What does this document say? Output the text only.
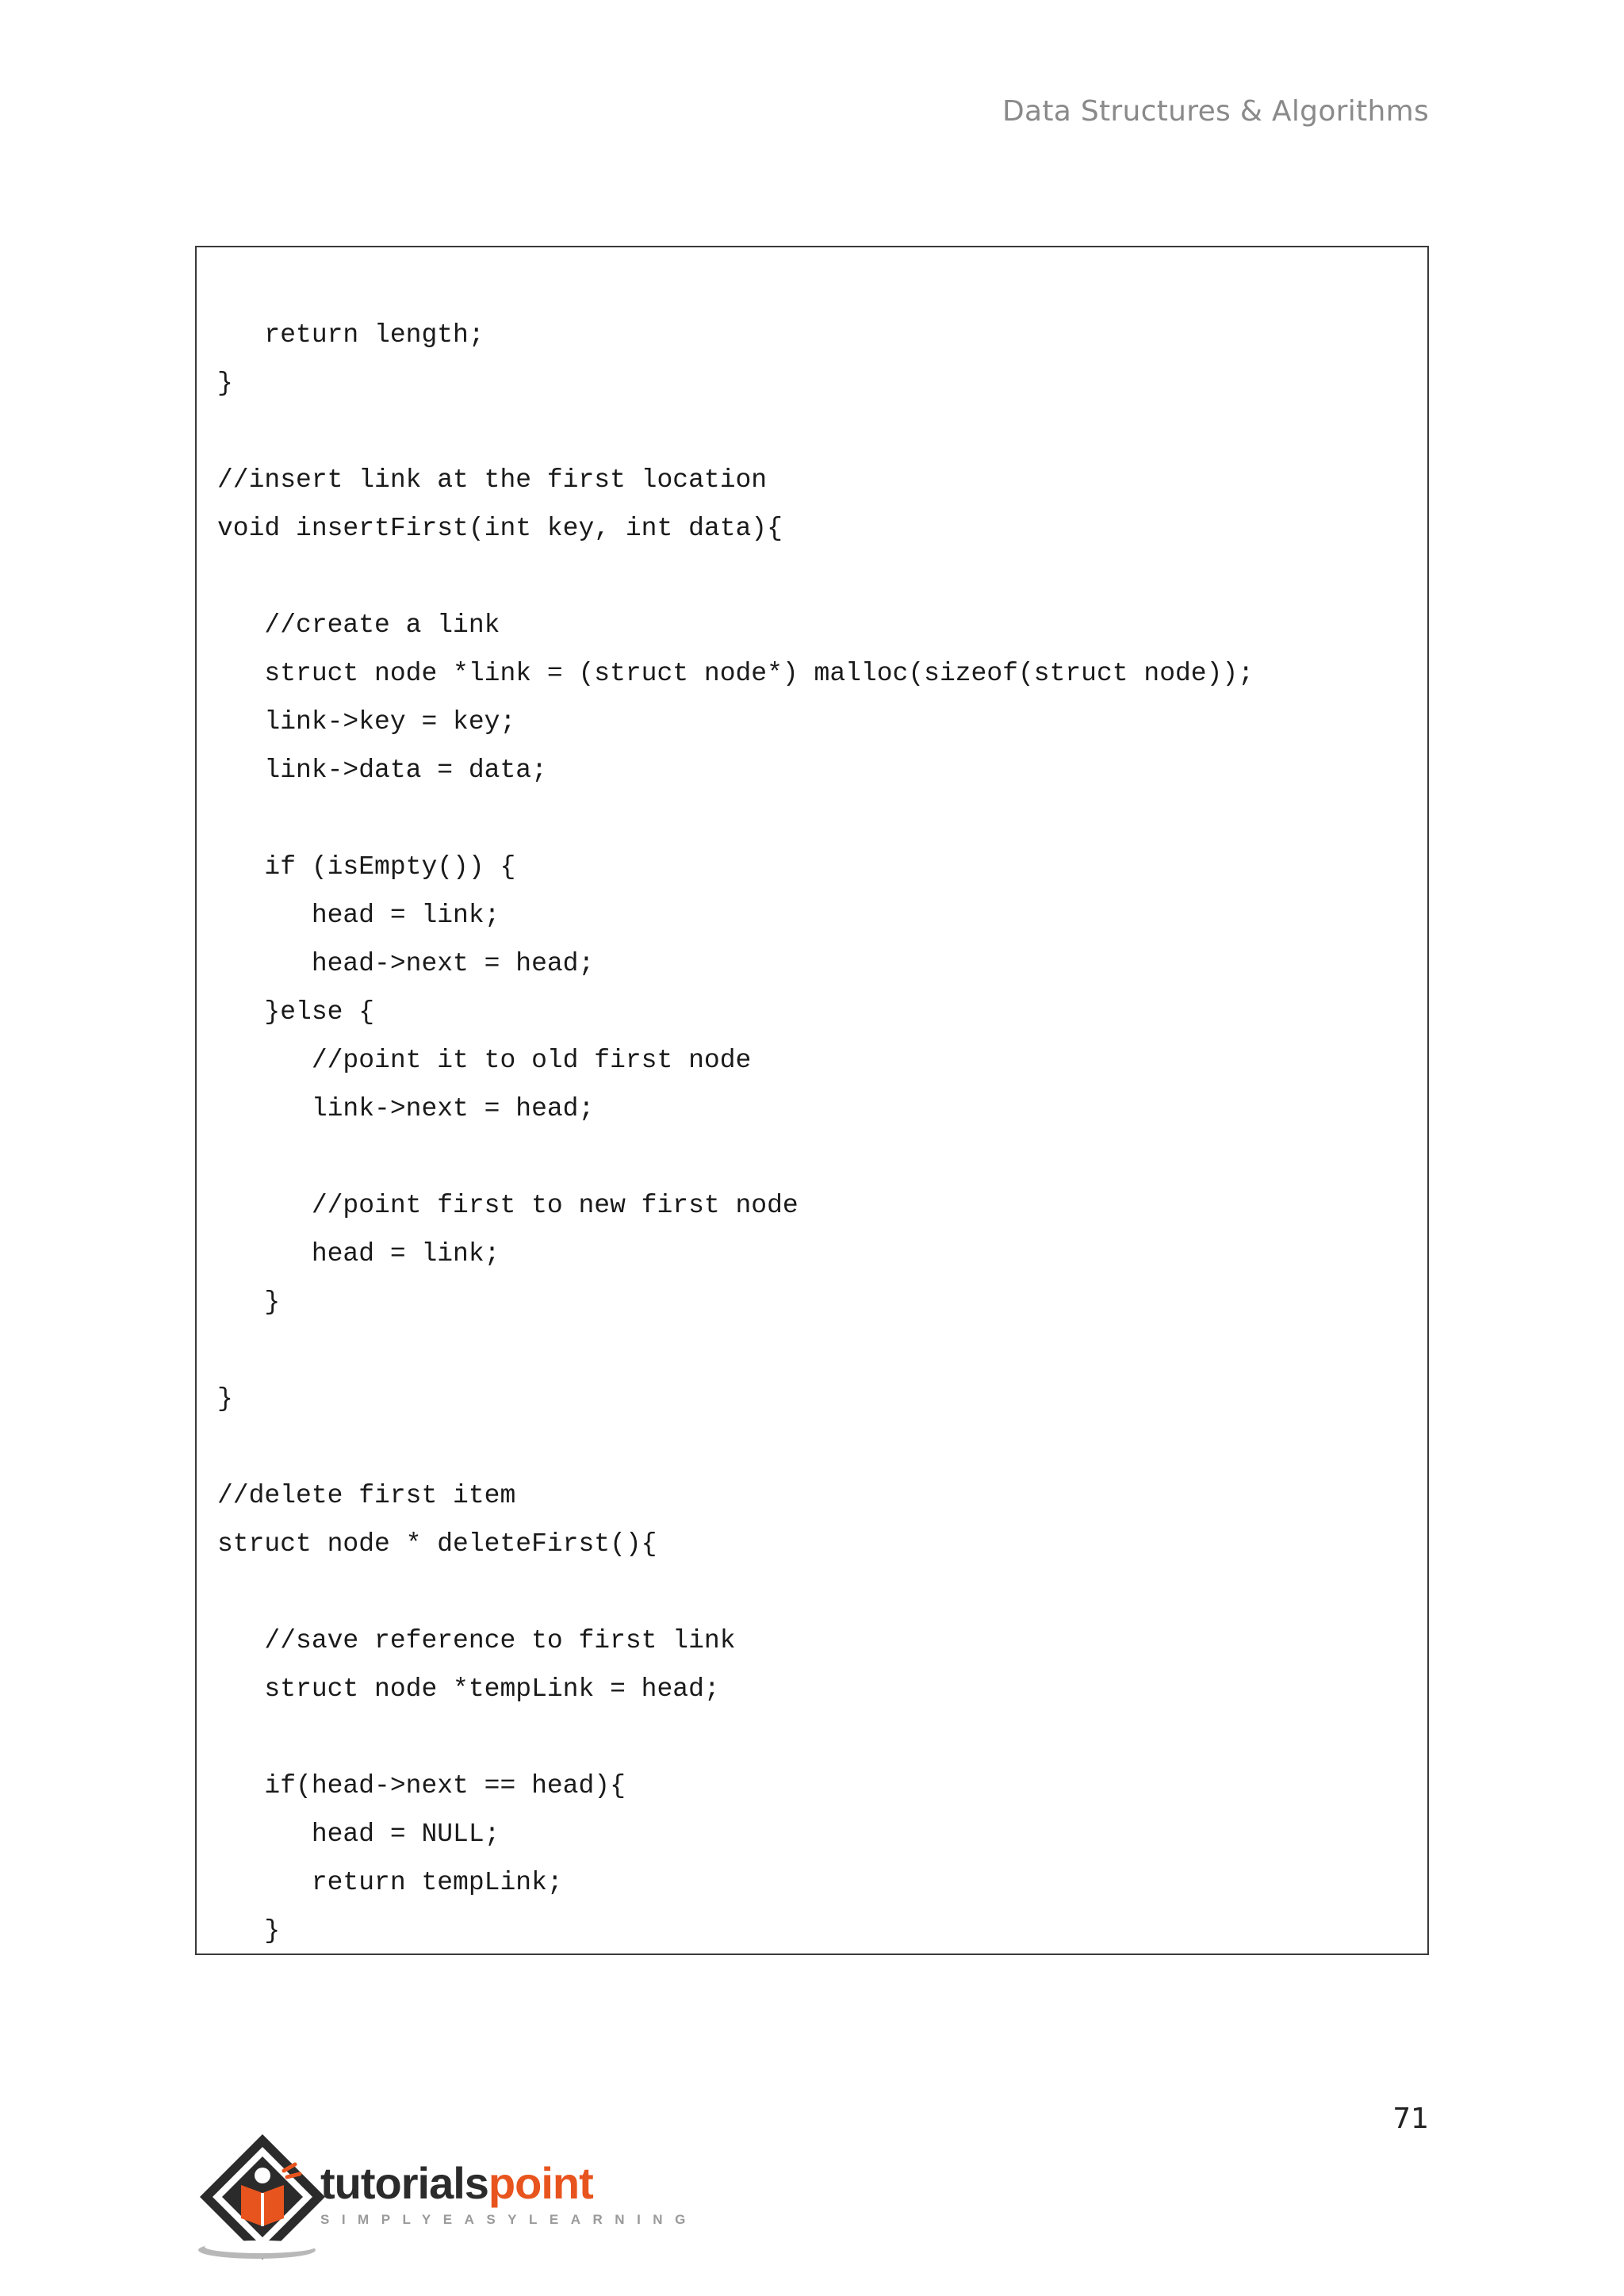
Data Structures & Algorithms
return length;
}
//insert link at the first location
void insertFirst(int key, int data){
//create a link
struct node *link = (struct node*) malloc(sizeof(struct node));
link->key = key;
link->data = data;
if (isEmpty()) {
head = link;
head->next = head;
}else {
//point it to old first node
link->next = head;
//point first to new first node
head = link;
}
}
//delete first item
struct node * deleteFirst(){
//save reference to first link
struct node *tempLink = head;
if(head->next == head){
head = NULL;
return tempLink;
}
71
tutorialspoint
SIMPLYEASYLEARNING
